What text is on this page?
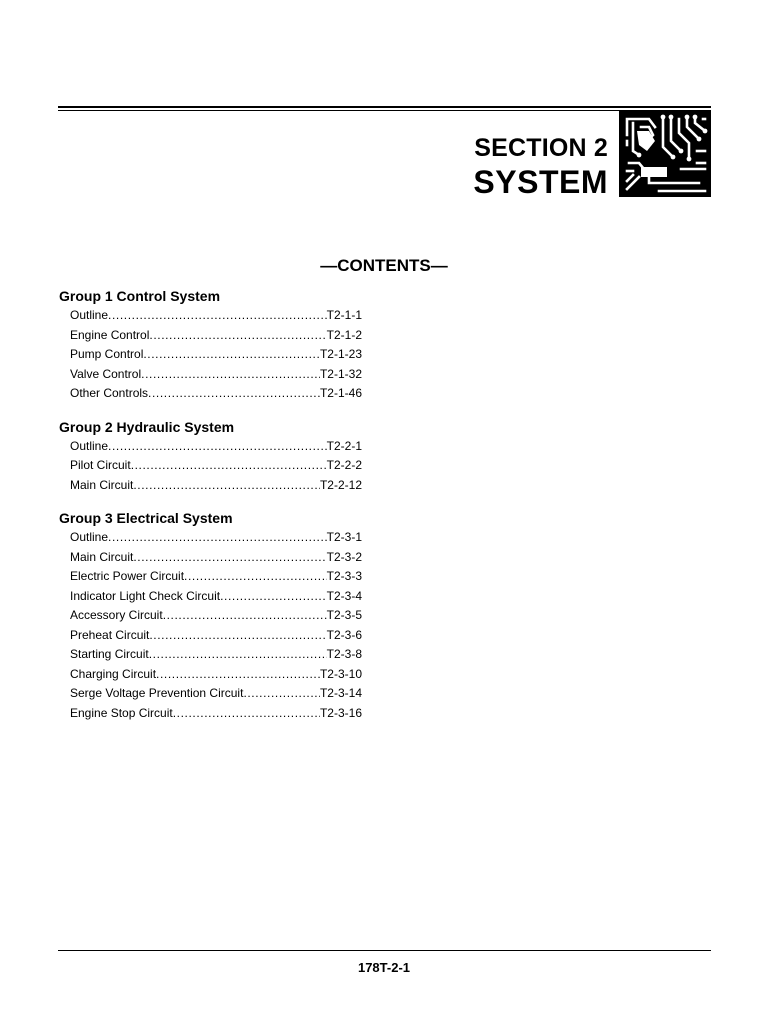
SECTION 2
SYSTEM
—CONTENTS—
Group 1 Control System
Outline .....	T2-1-1
Engine Control .....	T2-1-2
Pump Control .....	T2-1-23
Valve Control .....	T2-1-32
Other Controls .....	T2-1-46
Group 2 Hydraulic System
Outline .....	T2-2-1
Pilot Circuit .....	T2-2-2
Main Circuit .....	T2-2-12
Group 3 Electrical System
Outline .....	T2-3-1
Main Circuit .....	T2-3-2
Electric Power Circuit .....	T2-3-3
Indicator Light Check Circuit .....	T2-3-4
Accessory Circuit .....	T2-3-5
Preheat Circuit .....	T2-3-6
Starting Circuit .....	T2-3-8
Charging Circuit .....	T2-3-10
Serge Voltage Prevention Circuit .....	T2-3-14
Engine Stop Circuit .....	T2-3-16
178T-2-1
